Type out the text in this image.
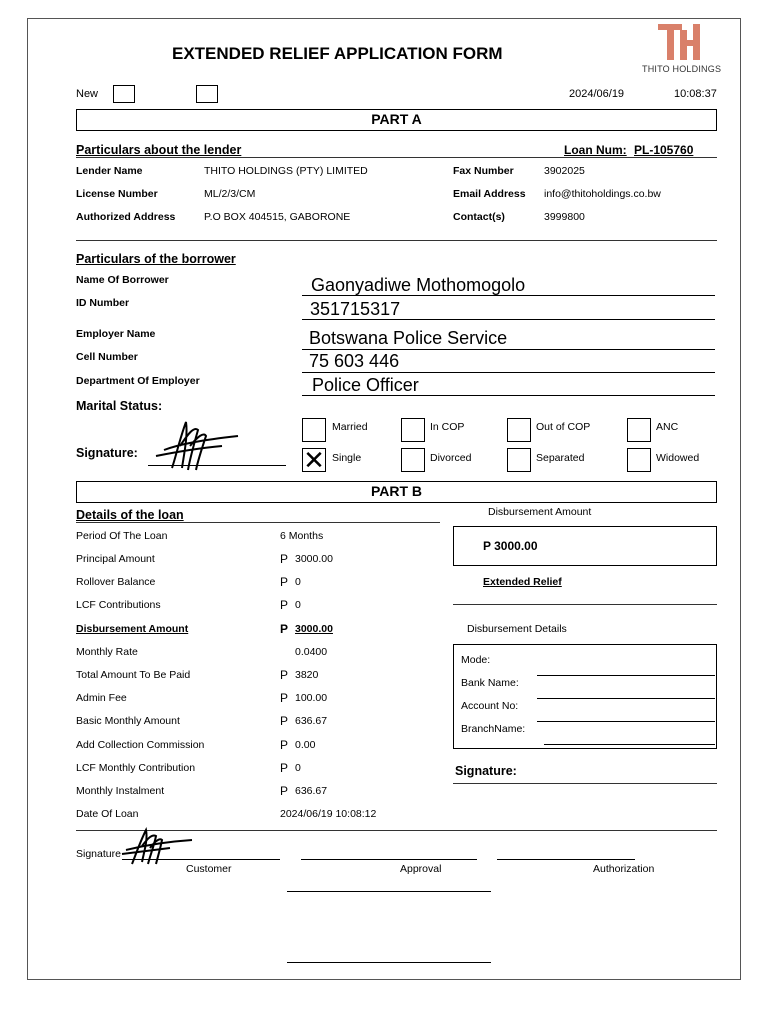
EXTENDED RELIEF APPLICATION FORM
THITO HOLDINGS
New	2024/06/19	10:08:37
PART A
Particulars about the lender	Loan Num: PL-105760
Lender Name	THITO HOLDINGS (PTY) LIMITED	Fax Number	3902025
License Number	ML/2/3/CM	Email Address info@thitoholdings.co.bw
Authorized Address	P.O BOX 404515, GABORONE	Contact(s)	3999800
Particulars of the borrower
Name Of Borrower	Gaonyadiwe Mothomogolo
ID Number	351715317
Employer Name	Botswana Police Service
Cell Number	75 603 446
Department Of Employer	Police Officer
Marital Status:
Married	In COP	Out of COP	ANC
✕ Single	Divorced	Separated	Widowed
Signature:
PART B
Details of the loan
Period Of The Loan	6 Months
Principal Amount	P 3000.00
Rollover Balance	P 0
LCF Contributions	P 0
Disbursement Amount	P 3000.00
Monthly Rate	0.0400
Total Amount To Be Paid	P 3820
Admin Fee	P 100.00
Basic Monthly Amount	P 636.67
Add Collection Commission	P 0.00
LCF Monthly Contribution	P 0
Monthly Instalment	P 636.67
Date Of Loan	2024/06/19 10:08:12
Disbursement Amount
P 3000.00
Extended Relief
Disbursement Details
Mode:
Bank Name:
Account No:
BranchName:
Signature:
Signature
Customer	Approval	Authorization
